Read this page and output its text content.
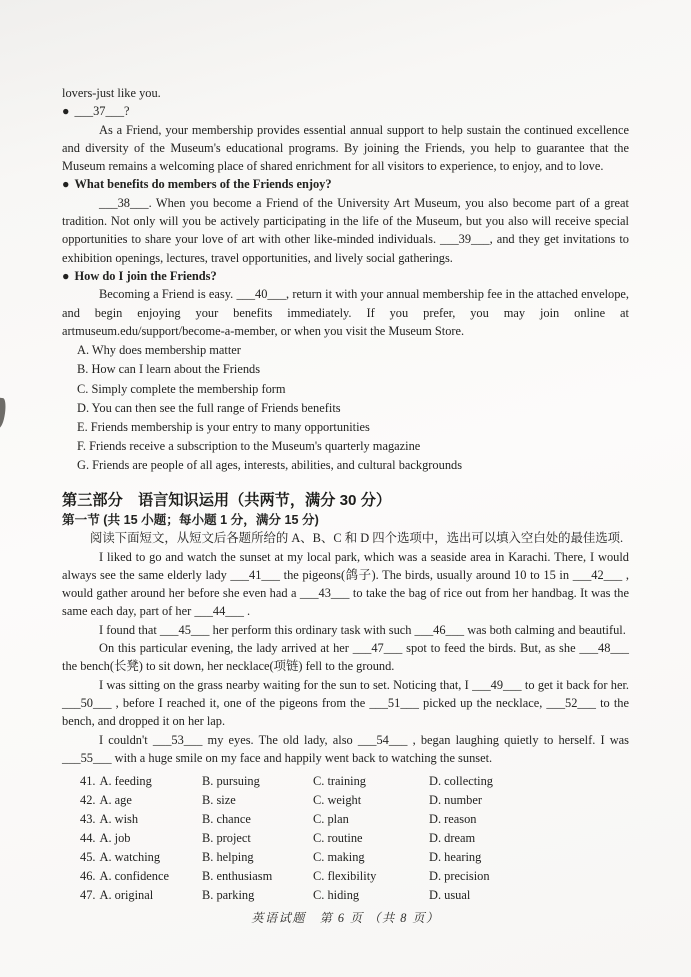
lovers-just like you.

● ___37___?

As a Friend, your membership provides essential annual support to help sustain the continued excellence and diversity of the Museum's educational programs. By joining the Friends, you help to guarantee that the Museum remains a welcoming place of shared enrichment for all visitors to experience, to enjoy, and to love.

● What benefits do members of the Friends enjoy?

___38___. When you become a Friend of the University Art Museum, you also become part of a great tradition. Not only will you be actively participating in the life of the Museum, but you also will receive special opportunities to share your love of art with other like-minded individuals. ___39___, and they get invitations to exhibition openings, lectures, travel opportunities, and lively social gatherings.

● How do I join the Friends?

Becoming a Friend is easy. ___40___, return it with your annual membership fee in the attached envelope, and begin enjoying your benefits immediately. If you prefer, you may join online at artmuseum.edu/support/become-a-member, or when you visit the Museum Store.

A. Why does membership matter

B. How can I learn about the Friends

C. Simply complete the membership form

D. You can then see the full range of Friends benefits

E. Friends membership is your entry to many opportunities

F. Friends receive a subscription to the Museum's quarterly magazine

G. Friends are people of all ages, interests, abilities, and cultural backgrounds

第三部分　语言知识运用（共两节，满分 30 分）

第一节 (共 15 小题；每小题 1 分，满分 15 分)

阅读下面短文，从短文后各题所给的 A、B、C 和 D 四个选项中，选出可以填入空白处的最佳选项.

I liked to go and watch the sunset at my local park, which was a seaside area in Karachi. There, I would always see the same elderly lady ___41___ the pigeons(鸽子). The birds, usually around 10 to 15 in ___42___ , would gather around her before she even had a ___43___ to take the bag of rice out from her handbag. It was the same each day, part of her ___44___ .

I found that ___45___ her perform this ordinary task with such ___46___ was both calming and beautiful.

On this particular evening, the lady arrived at her ___47___ spot to feed the birds. But, as she ___48___ the bench(长凳) to sit down, her necklace(项链) fell to the ground.

I was sitting on the grass nearby waiting for the sun to set. Noticing that, I ___49___ to get it back for her. ___50___ , before I reached it, one of the pigeons from the ___51___ picked up the necklace, ___52___ to the bench, and dropped it on her lap.

I couldn't ___53___ my eyes. The old lady, also ___54___ , began laughing quietly to herself. I was ___55___ with a huge smile on my face and happily went back to watching the sunset.

41. A. feeding	B. pursuing	C. training	D. collecting
42. A. age	B. size	C. weight	D. number
43. A. wish	B. chance	C. plan	D. reason
44. A. job	B. project	C. routine	D. dream
45. A. watching	B. helping	C. making	D. hearing
46. A. confidence	B. enthusiasm	C. flexibility	D. precision
47. A. original	B. parking	C. hiding	D. usual
英语试题　第 6 页 （共 8 页）
